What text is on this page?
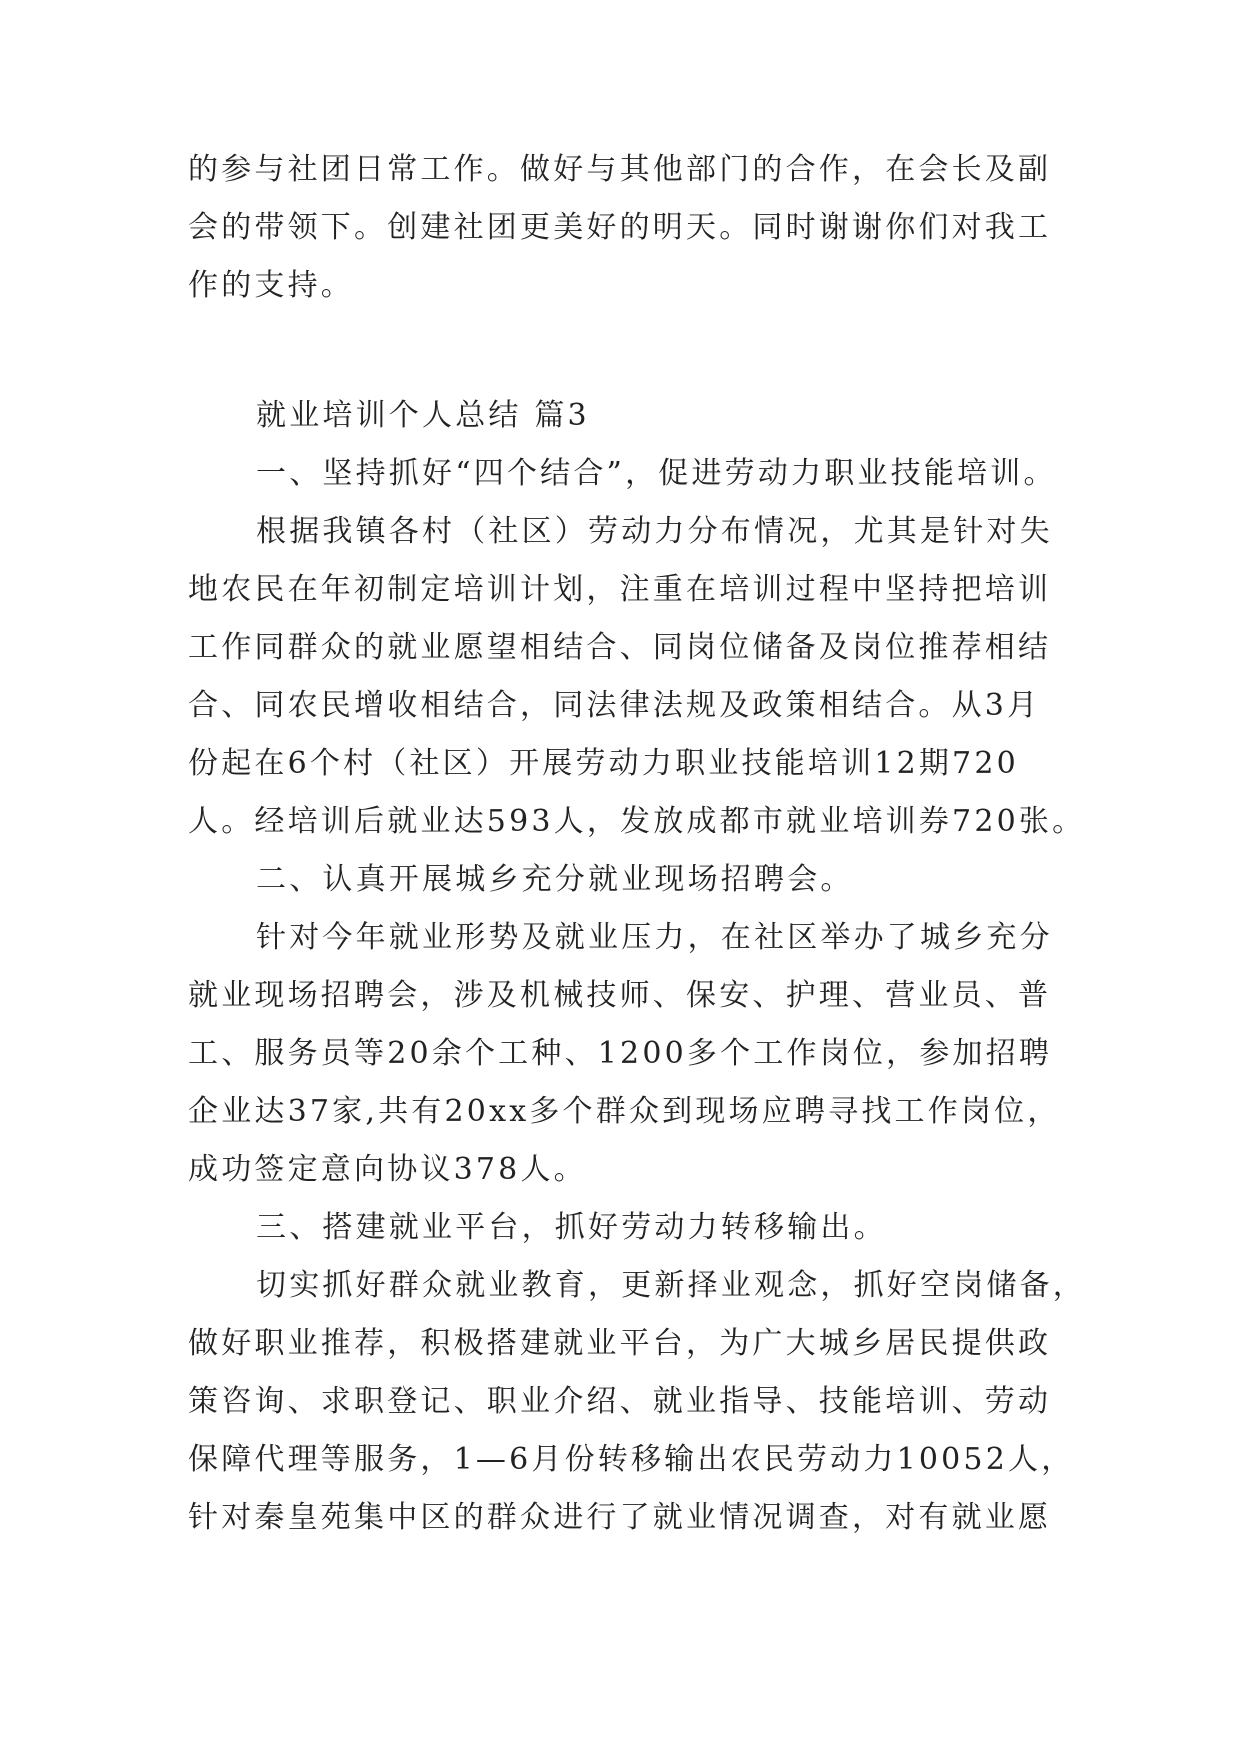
的参与社团日常工作。做好与其他部门的合作，在会长及副
会的带领下。创建社团更美好的明天。同时谢谢你们对我工
作的支持。
就业培训个人总结 篇3
一、坚持抓好“四个结合”，促进劳动力职业技能培训。
根据我镇各村（社区）劳动力分布情况，尤其是针对失
地农民在年初制定培训计划，注重在培训过程中坚持把培训
工作同群众的就业愿望相结合、同岗位储备及岗位推荐相结
合、同农民增收相结合，同法律法规及政策相结合。从3月
份起在6个村（社区）开展劳动力职业技能培训12期720
人。经培训后就业达593人，发放成都市就业培训券720张。
二、认真开展城乡充分就业现场招聘会。
针对今年就业形势及就业压力，在社区举办了城乡充分
就业现场招聘会，涉及机械技师、保安、护理、营业员、普
工、服务员等20余个工种、1200多个工作岗位，参加招聘
企业达37家,共有20xx多个群众到现场应聘寻找工作岗位，
成功签定意向协议378人。
三、搭建就业平台，抓好劳动力转移输出。
切实抓好群众就业教育，更新择业观念，抓好空岗储备，
做好职业推荐，积极搭建就业平台，为广大城乡居民提供政
策咨询、求职登记、职业介绍、就业指导、技能培训、劳动
保障代理等服务，1—6月份转移输出农民劳动力10052人，
针对秦皇苑集中区的群众进行了就业情况调查，对有就业愿
